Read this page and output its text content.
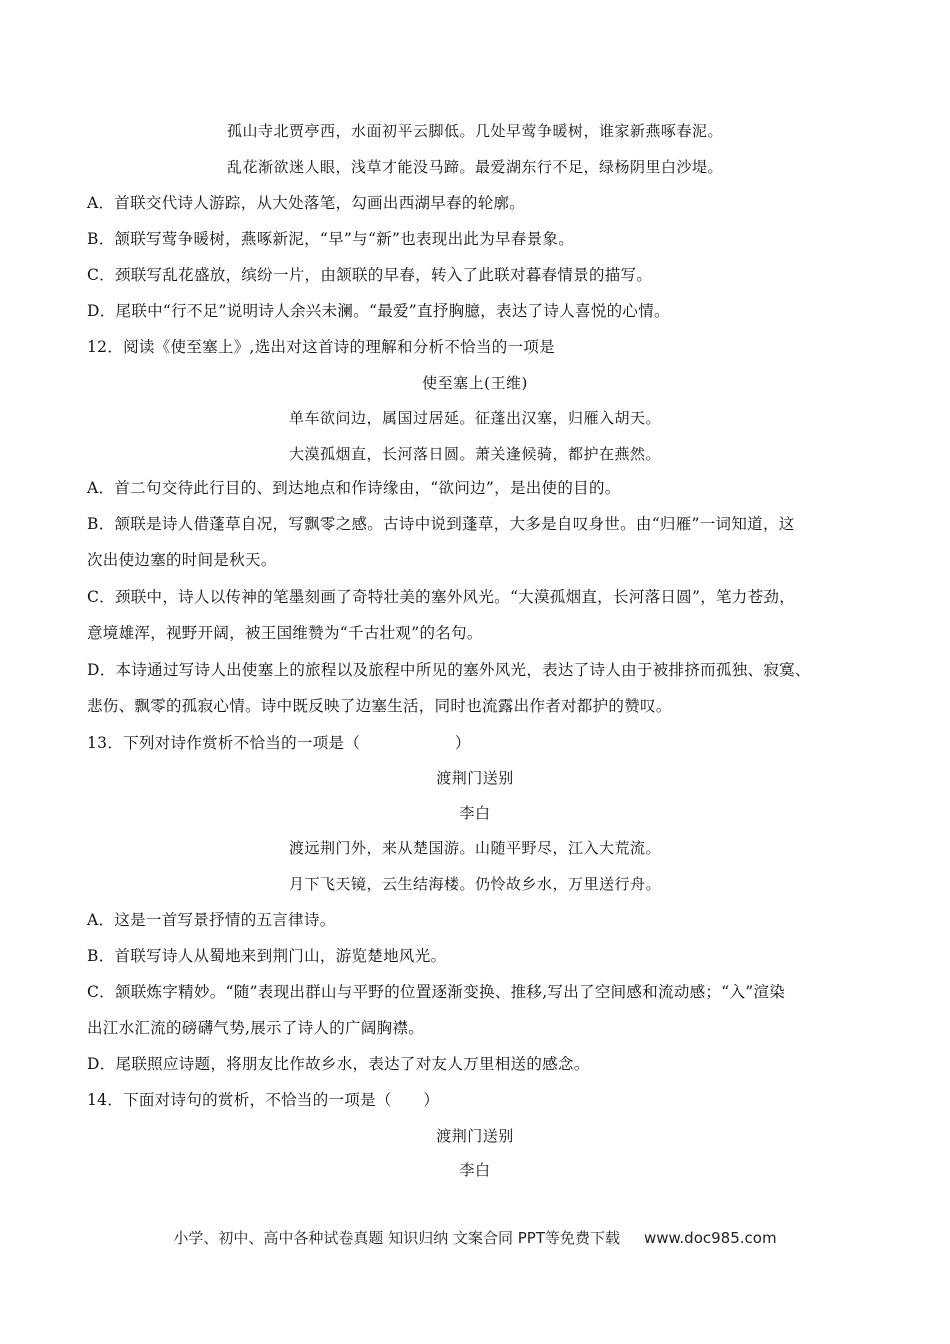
孤山寺北贾亭西，水面初平云脚低。几处早莺争暖树，谁家新燕啄春泥。
乱花渐欲迷人眼，浅草才能没马蹄。最爱湖东行不足，绿杨阴里白沙堤。
A．首联交代诗人游踪，从大处落笔，勾画出西湖早春的轮廓。
B．颔联写莺争暖树，燕啄新泥，“早”与“新”也表现出此为早春景象。
C．颈联写乱花盛放，缤纷一片，由颔联的早春，转入了此联对暮春情景的描写。
D．尾联中“行不足”说明诗人余兴未澜。“最爱”直抒胸臆，表达了诗人喜悦的心情。
12．阅读《使至塞上》,选出对这首诗的理解和分析不恰当的一项是
使至塞上(王维)
单车欲问边，属国过居延。征蓬出汉塞，归雁入胡天。
大漠孤烟直，长河落日圆。萧关逢候骑，都护在燕然。
A．首二句交待此行目的、到达地点和作诗缘由，“欲问边”，是出使的目的。
B．颔联是诗人借蓬草自况，写飘零之感。古诗中说到蓬草，大多是自叹身世。由“归雁”一词知道，这
次出使边塞的时间是秋天。
C．颈联中，诗人以传神的笔墨刻画了奇特壮美的塞外风光。“大漠孤烟直，长河落日圆”，笔力苍劲，
意境雄浑，视野开阔，被王国维赞为“千古壮观”的名句。
D．本诗通过写诗人出使塞上的旅程以及旅程中所见的塞外风光，表达了诗人由于被排挤而孤独、寂寞、
悲伤、飘零的孤寂心情。诗中既反映了边塞生活，同时也流露出作者对都护的赞叹。
13．下列对诗作赏析不恰当的一项是（　　　　　　）
渡荆门送别
李白
渡远荆门外，来从楚国游。山随平野尽，江入大荒流。
月下飞天镜，云生结海楼。仍怜故乡水，万里送行舟。
A．这是一首写景抒情的五言律诗。
B．首联写诗人从蜀地来到荆门山，游览楚地风光。
C．颔联炼字精妙。“随”表现出群山与平野的位置逐渐变换、推移,写出了空间感和流动感；“入”渲染
出江水汇流的磅礴气势,展示了诗人的广阔胸襟。
D．尾联照应诗题，将朋友比作故乡水，表达了对友人万里相送的感念。
14．下面对诗句的赏析，不恰当的一项是（　　）
渡荆门送别
李白
小学、初中、高中各种试卷真题 知识归纳 文案合同 PPT等免费下载 www.doc985.com
